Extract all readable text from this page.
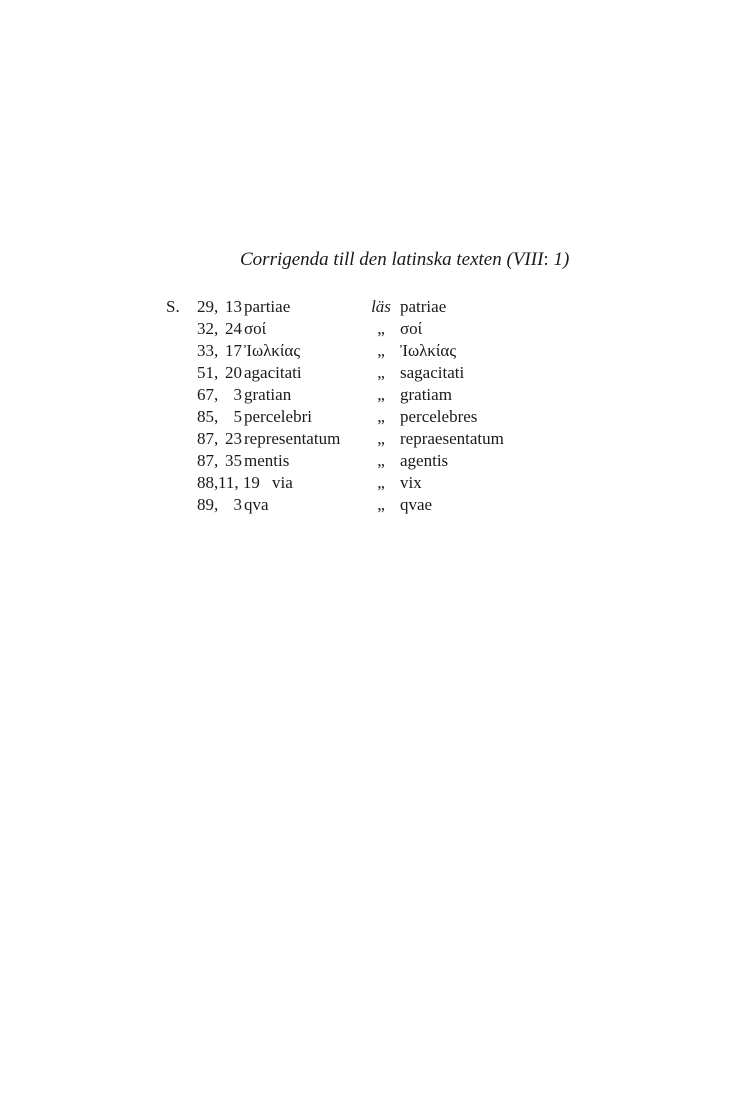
Corrigenda till den latinska texten (VIII: 1)
S.	29 , 13 partiae	läs patriae
32 , 24 σοί	„ σοί
33 , 17 Ἰωλκίας	„ Ἰωλκίας
51 , 20 agacitati	„ sagacitati
67 , 3 gratian	„ gratiam
85 , 5 percelebri	„ percelebres
87 , 23 representatum	„ repraesentatum
87 , 35 mentis	„ agentis
88 , 11, 19 via	„ vix
89 , 3 qva	„ qvae
